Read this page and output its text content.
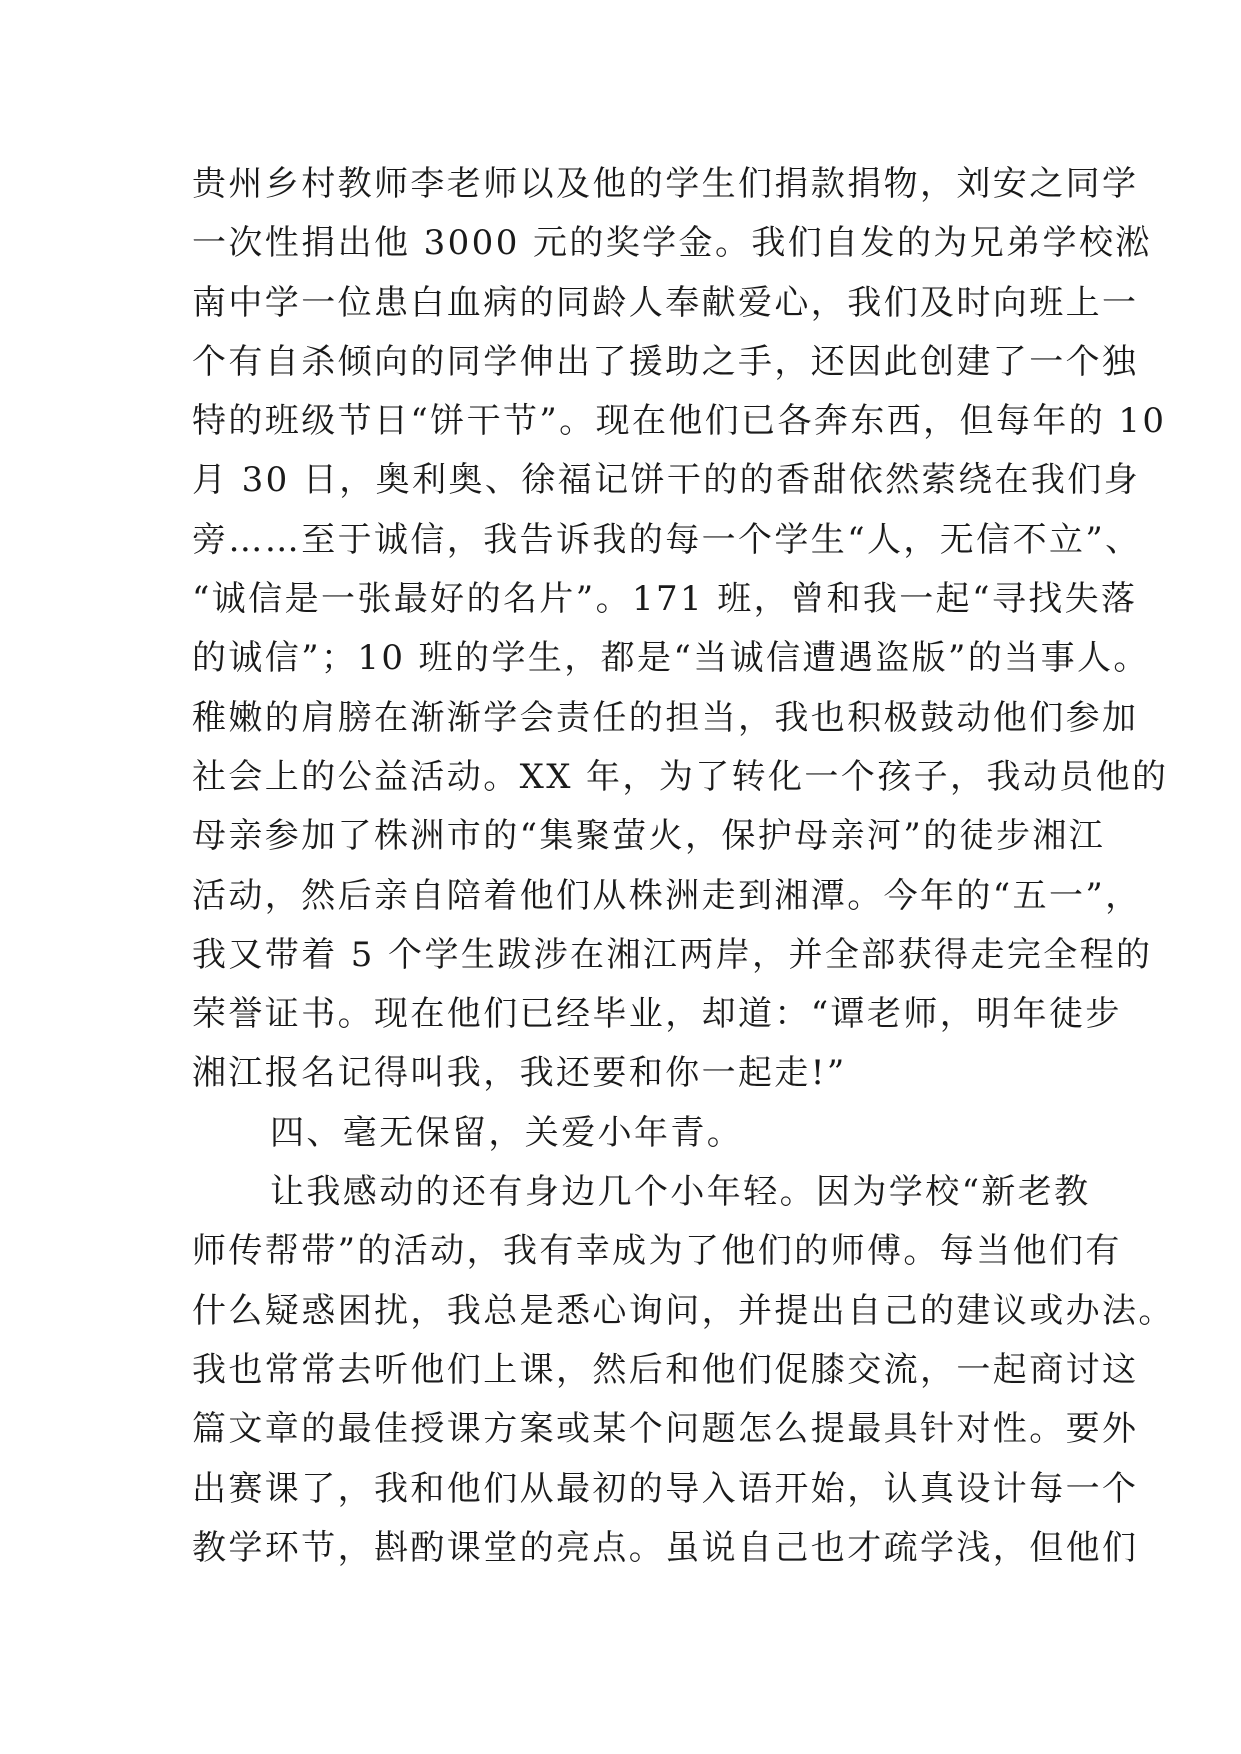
贵州乡村教师李老师以及他的学生们捐款捐物，刘安之同学
一次性捐出他 3000 元的奖学金。我们自发的为兄弟学校淞
南中学一位患白血病的同龄人奉献爱心，我们及时向班上一
个有自杀倾向的同学伸出了援助之手，还因此创建了一个独
特的班级节日“饼干节”。现在他们已各奔东西，但每年的 10
月 30 日，奥利奥、徐福记饼干的的香甜依然萦绕在我们身
旁……至于诚信，我告诉我的每一个学生“人，无信不立”、
“诚信是一张最好的名片”。171 班，曾和我一起“寻找失落
的诚信”；10 班的学生，都是“当诚信遭遇盗版”的当事人。
稚嫩的肩膀在渐渐学会责任的担当，我也积极鼓动他们参加
社会上的公益活动。XX 年，为了转化一个孩子，我动员他的
母亲参加了株洲市的“集聚萤火，保护母亲河”的徒步湘江
活动，然后亲自陪着他们从株洲走到湘潭。今年的“五一”，
我又带着 5 个学生跋涉在湘江两岸，并全部获得走完全程的
荣誉证书。现在他们已经毕业，却道：“谭老师，明年徒步
湘江报名记得叫我，我还要和你一起走!”
四、毫无保留，关爱小年青。
让我感动的还有身边几个小年轻。因为学校“新老教
师传帮带”的活动，我有幸成为了他们的师傅。每当他们有
什么疑惑困扰，我总是悉心询问，并提出自己的建议或办法。
我也常常去听他们上课，然后和他们促膝交流，一起商讨这
篇文章的最佳授课方案或某个问题怎么提最具针对性。要外
出赛课了，我和他们从最初的导入语开始，认真设计每一个
教学环节，斟酌课堂的亮点。虽说自己也才疏学浅，但他们
